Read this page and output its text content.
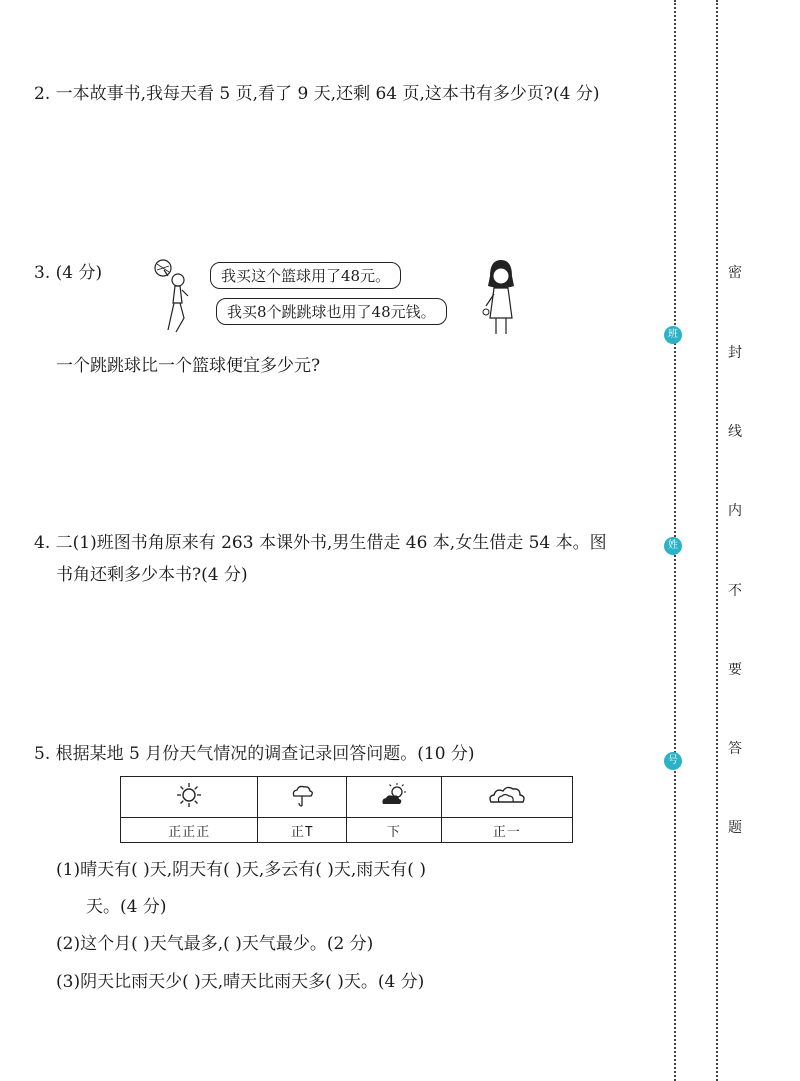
2. 一本故事书,我每天看 5 页,看了 9 天,还剩 64 页,这本书有多少页?(4 分)
3. (4 分)	我买这个篮球用了48元。
我买8个跳跳球也用了48元钱。
一个跳跳球比一个篮球便宜多少元?
4. 二(1)班图书角原来有 263 本课外书,男生借走 46 本,女生借走 54 本。图
书角还剩多少本书?(4 分)
5. 根据某地 5 月份天气情况的调查记录回答问题。(10 分)

正正正	正T	下	正一
(1)晴天有( )天,阴天有( )天,多云有( )天,雨天有( )
天。(4 分)
(2)这个月( )天气最多,( )天气最少。(2 分)
(3)阴天比雨天少( )天,晴天比雨天多( )天。(4 分)
班
姓
号
密
封
线
内
不
要
答
题
